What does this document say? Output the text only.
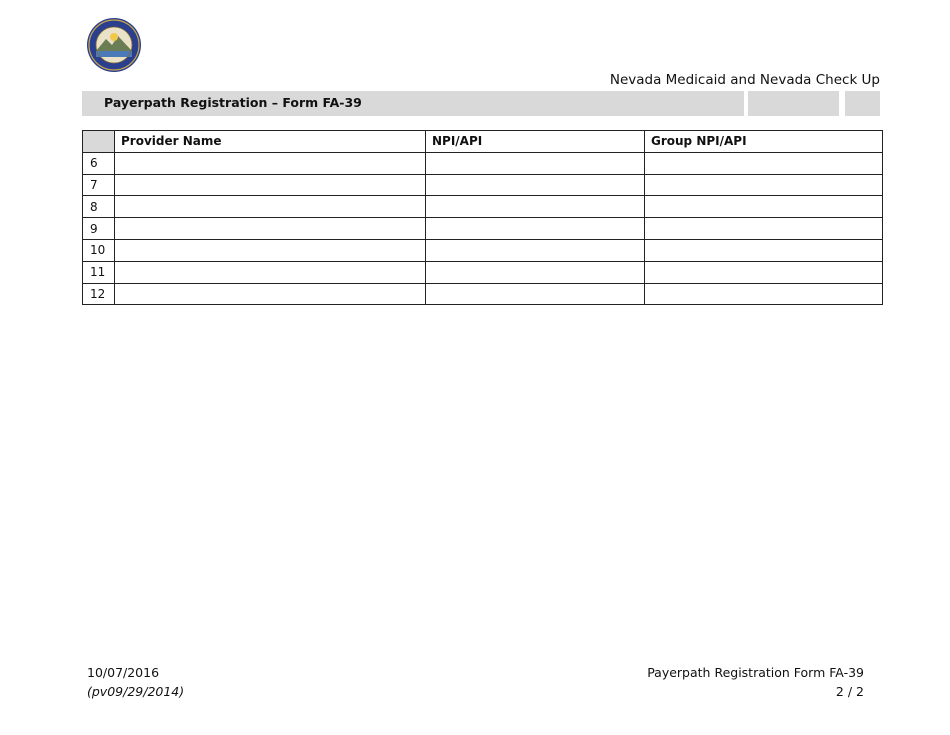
Nevada Medicaid and Nevada Check Up
Payerpath Registration – Form FA-39
	Provider Name	NPI/API	Group NPI/API
6			
7			
8			
9			
10			
11			
12			
10/07/2016
(pv09/29/2014)
Payerpath Registration Form FA-39
2 / 2
